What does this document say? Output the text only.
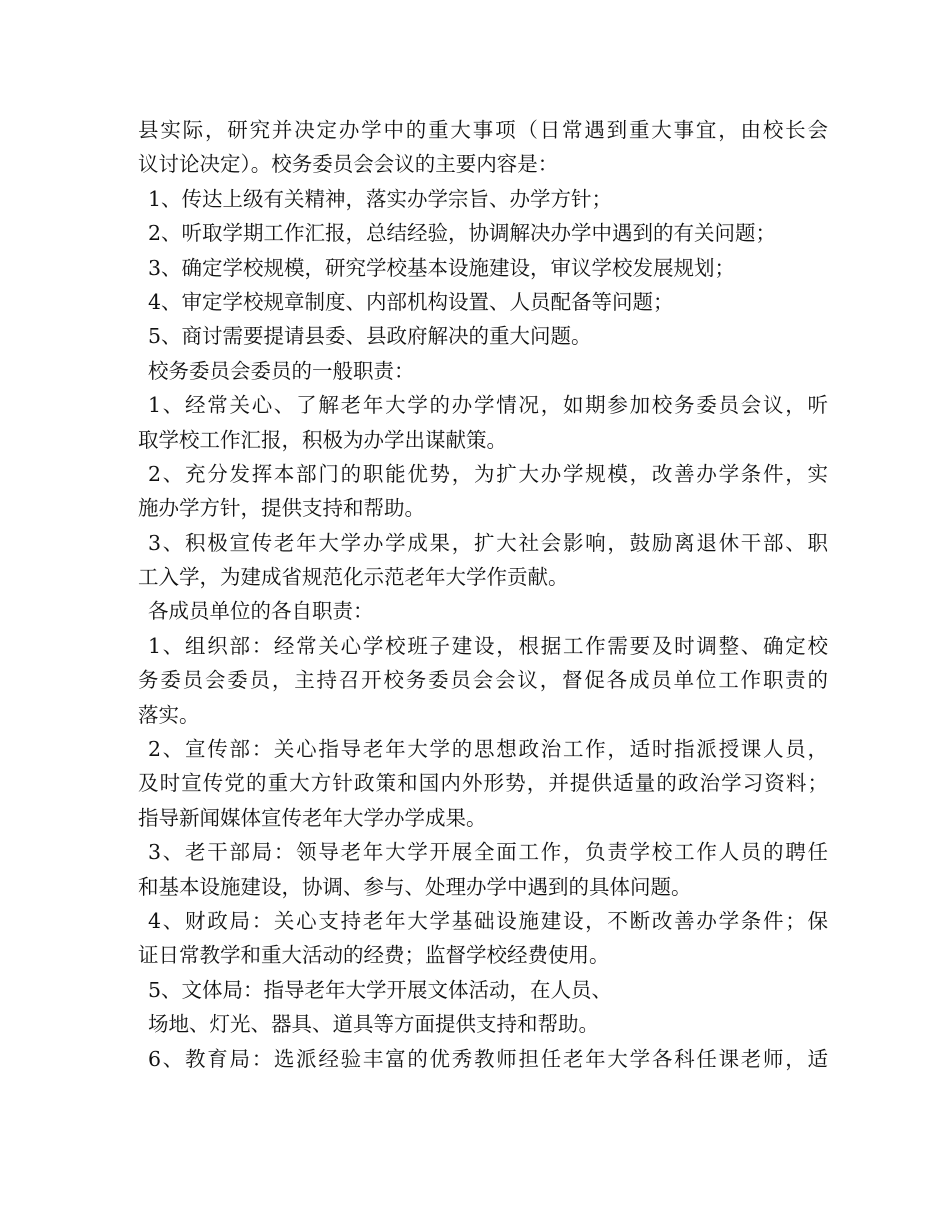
县实际，研究并决定办学中的重大事项（日常遇到重大事宜，由校长会
议讨论决定）。校务委员会会议的主要内容是：
1、传达上级有关精神，落实办学宗旨、办学方针；
2、听取学期工作汇报，总结经验，协调解决办学中遇到的有关问题；
3、确定学校规模，研究学校基本设施建设，审议学校发展规划；
4、审定学校规章制度、内部机构设置、人员配备等问题；
5、商讨需要提请县委、县政府解决的重大问题。
校务委员会委员的一般职责：
1、经常关心、了解老年大学的办学情况，如期参加校务委员会议，听
取学校工作汇报，积极为办学出谋献策。
2、充分发挥本部门的职能优势，为扩大办学规模，改善办学条件，实
施办学方针，提供支持和帮助。
3、积极宣传老年大学办学成果，扩大社会影响，鼓励离退休干部、职
工入学，为建成省规范化示范老年大学作贡献。
各成员单位的各自职责：
1、组织部：经常关心学校班子建设，根据工作需要及时调整、确定校
务委员会委员，主持召开校务委员会会议，督促各成员单位工作职责的
落实。
2、宣传部：关心指导老年大学的思想政治工作，适时指派授课人员，
及时宣传党的重大方针政策和国内外形势，并提供适量的政治学习资料；
指导新闻媒体宣传老年大学办学成果。
3、老干部局：领导老年大学开展全面工作，负责学校工作人员的聘任
和基本设施建设，协调、参与、处理办学中遇到的具体问题。
4、财政局：关心支持老年大学基础设施建设，不断改善办学条件；保
证日常教学和重大活动的经费；监督学校经费使用。
5、文体局：指导老年大学开展文体活动，在人员、
场地、灯光、器具、道具等方面提供支持和帮助。
6、教育局：选派经验丰富的优秀教师担任老年大学各科任课老师，适
